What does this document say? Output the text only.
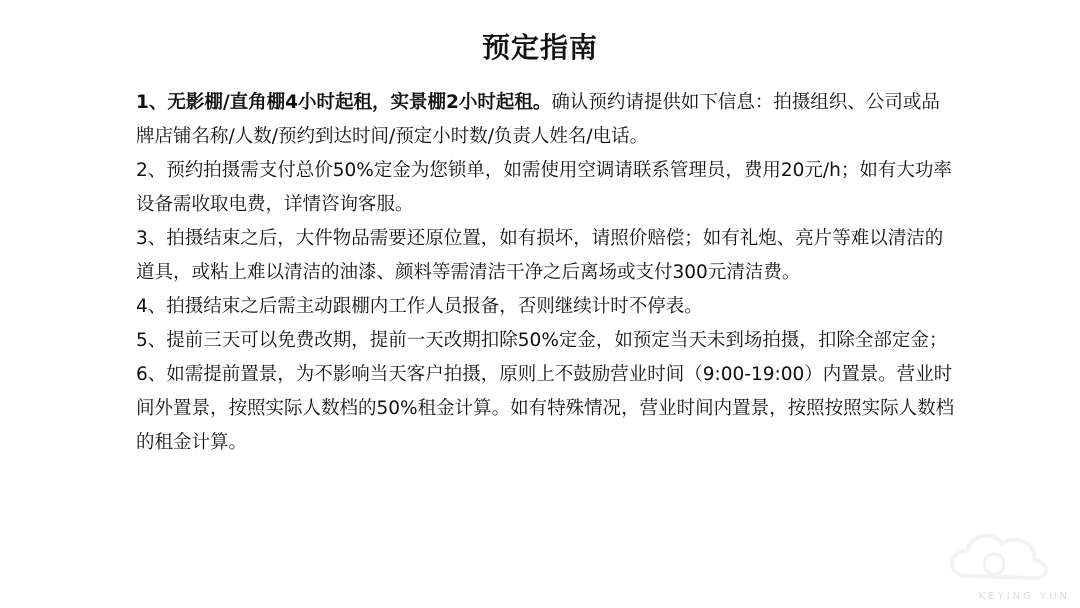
预定指南

1、无影棚/直角棚4小时起租，实景棚2小时起租。确认预约请提供如下信息：拍摄组织、公司或品牌店铺名称/人数/预约到达时间/预定小时数/负责人姓名/电话。

2、预约拍摄需支付总价50%定金为您锁单，如需使用空调请联系管理员，费用20元/h；如有大功率设备需收取电费，详情咨询客服。

3、拍摄结束之后，大件物品需要还原位置，如有损坏，请照价赔偿；如有礼炮、亮片等难以清洁的道具，或粘上难以清洁的油漆、颜料等需清洁干净之后离场或支付300元清洁费。

4、拍摄结束之后需主动跟棚内工作人员报备，否则继续计时不停表。

5、提前三天可以免费改期，提前一天改期扣除50%定金，如预定当天未到场拍摄，扣除全部定金；

6、如需提前置景，为不影响当天客户拍摄，原则上不鼓励营业时间（9:00-19:00）内置景。营业时间外置景，按照实际人数档的50%租金计算。如有特殊情况，营业时间内置景，按照按照实际人数档的租金计算。

KEYING YUN
